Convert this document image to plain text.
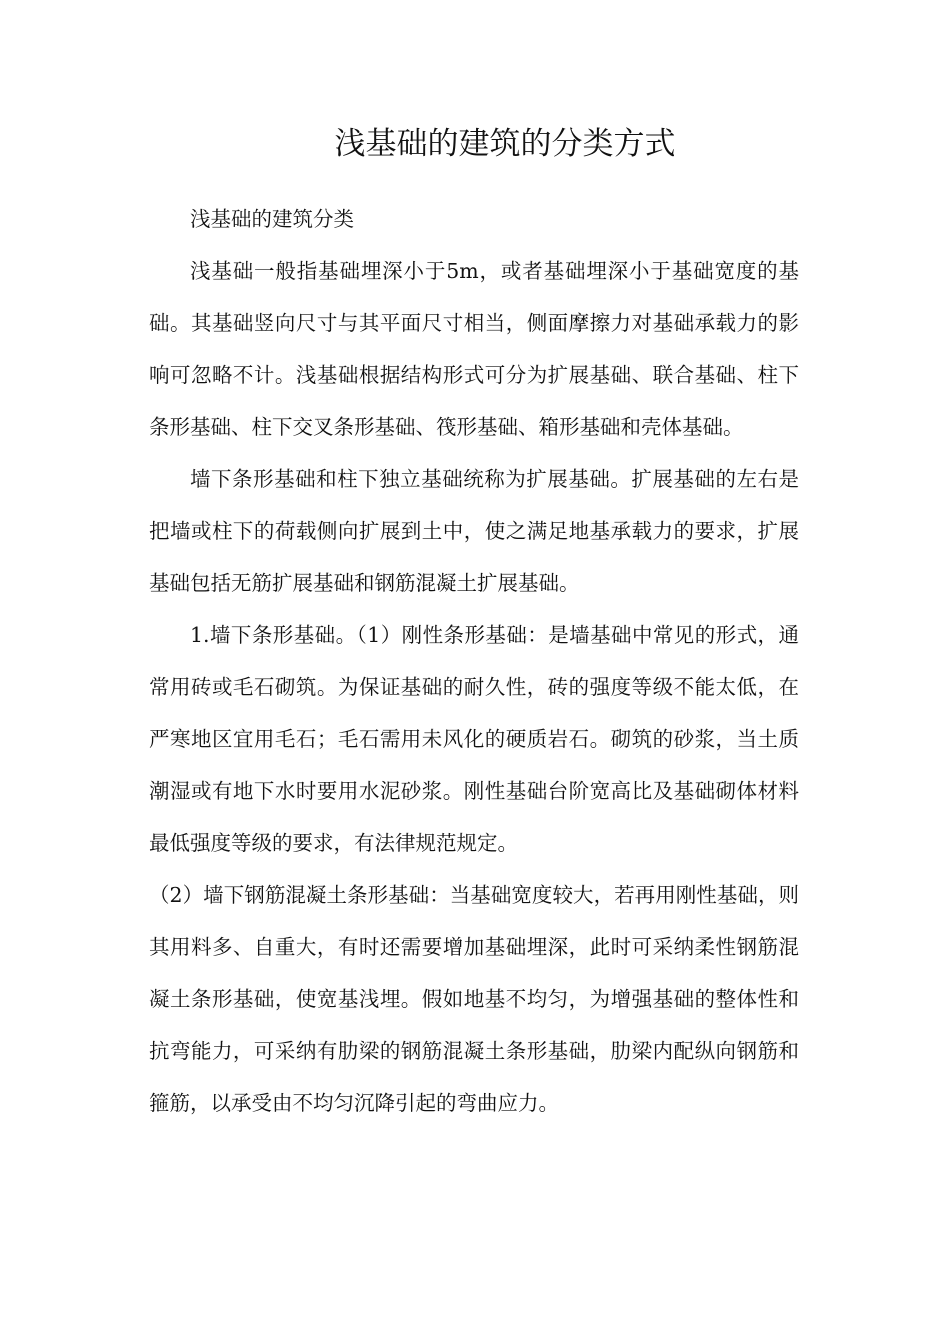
浅基础的建筑的分类方式

浅基础的建筑分类

浅基础一般指基础埋深小于5m，或者基础埋深小于基础宽度的基础。其基础竖向尺寸与其平面尺寸相当，侧面摩擦力对基础承载力的影响可忽略不计。浅基础根据结构形式可分为扩展基础、联合基础、柱下条形基础、柱下交叉条形基础、筏形基础、箱形基础和壳体基础。

墙下条形基础和柱下独立基础统称为扩展基础。扩展基础的左右是把墙或柱下的荷载侧向扩展到土中，使之满足地基承载力的要求，扩展基础包括无筋扩展基础和钢筋混凝土扩展基础。

1.墙下条形基础。（1）刚性条形基础：是墙基础中常见的形式，通常用砖或毛石砌筑。为保证基础的耐久性，砖的强度等级不能太低，在严寒地区宜用毛石；毛石需用未风化的硬质岩石。砌筑的砂浆，当土质潮湿或有地下水时要用水泥砂浆。刚性基础台阶宽高比及基础砌体材料最低强度等级的要求，有法律规范规定。

（2）墙下钢筋混凝土条形基础：当基础宽度较大，若再用刚性基础，则其用料多、自重大，有时还需要增加基础埋深，此时可采纳柔性钢筋混凝土条形基础，使宽基浅埋。假如地基不均匀，为增强基础的整体性和抗弯能力，可采纳有肋梁的钢筋混凝土条形基础，肋梁内配纵向钢筋和箍筋，以承受由不均匀沉降引起的弯曲应力。
